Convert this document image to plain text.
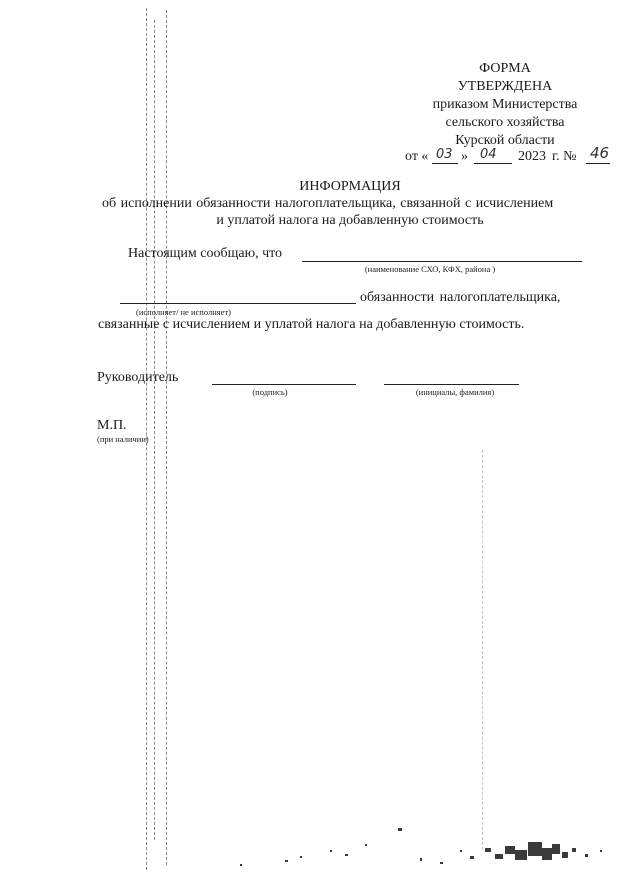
ФОРМА
УТВЕРЖДЕНА
приказом Министерства
сельского хозяйства
Курской области
от « 03 » 04 2023 г. № 46
ИНФОРМАЦИЯ
об исполнении обязанности налогоплательщика, связанной с исчислением
и уплатой налога на добавленную стоимость
Настоящим сообщаю, что
(наименование СХО, КФХ, района )
обязанности налогоплательщика,
(исполняет/ не исполняет)
связанные с исчислением и уплатой налога на добавленную стоимость.
Руководитель
(подпись)	(инициалы, фамилия)
М.П.
(при наличии)
